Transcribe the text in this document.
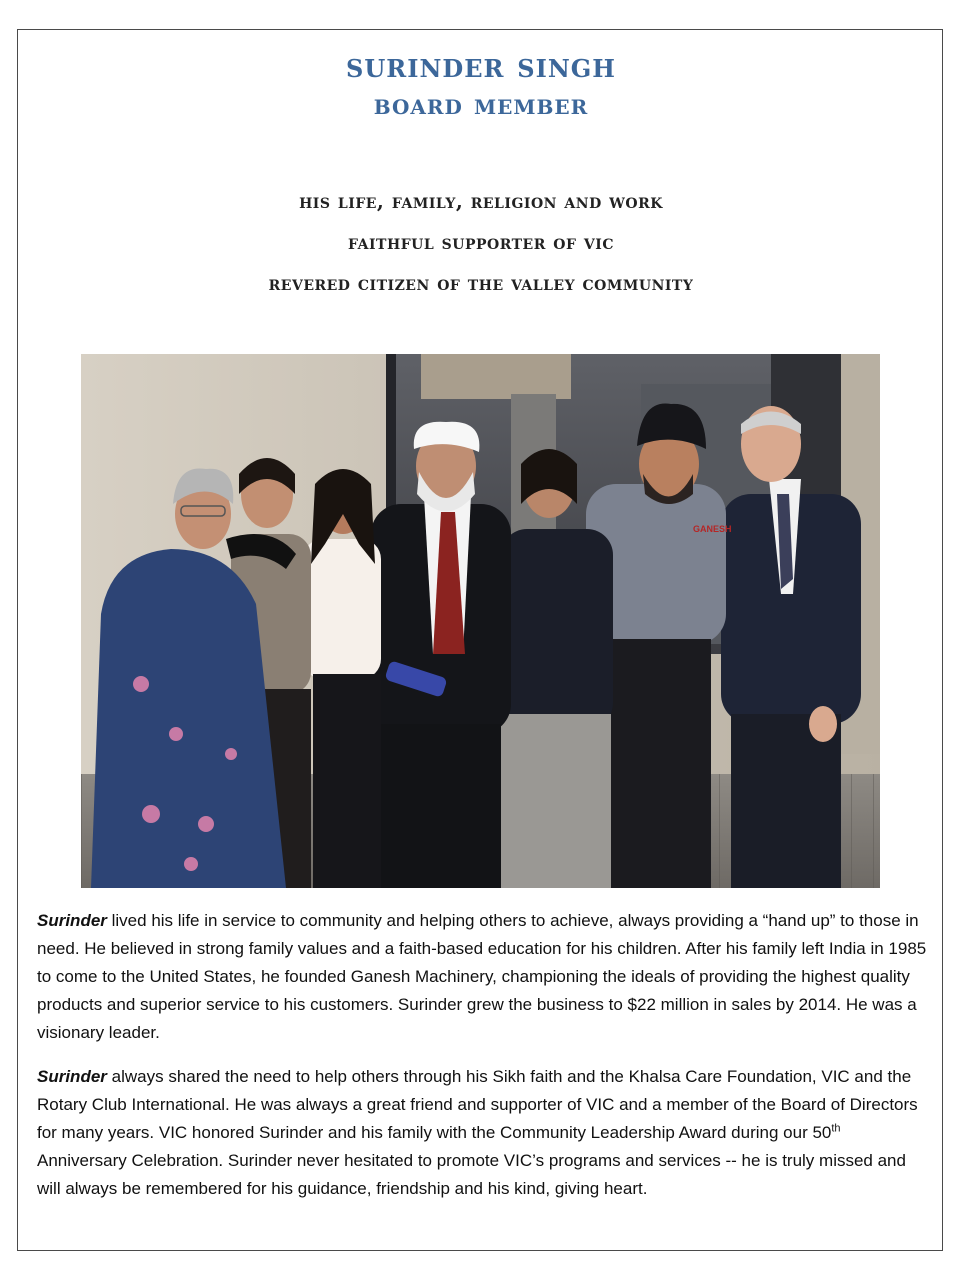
surinder singh
board member
his life, family, religion and work
faithful supporter of vic
revered citizen of the valley community
GANESH
Surinder lived his life in service to community and helping others to achieve, always providing a “hand up” to those in need. He believed in strong family values and a faith-based education for his children. After his family left India in 1985 to come to the United States, he founded Ganesh Machinery, championing the ideals of providing the highest quality products and superior service to his customers. Surinder grew the business to $22 million in sales by 2014. He was a visionary leader.
Surinder always shared the need to help others through his Sikh faith and the Khalsa Care Foundation, VIC and the Rotary Club International. He was always a great friend and supporter of VIC and a member of the Board of Directors for many years. VIC honored Surinder and his family with the Community Leadership Award during our 50th Anniversary Celebration. Surinder never hesitated to promote VIC’s programs and services -- he is truly missed and will always be remembered for his guidance, friendship and his kind, giving heart.
